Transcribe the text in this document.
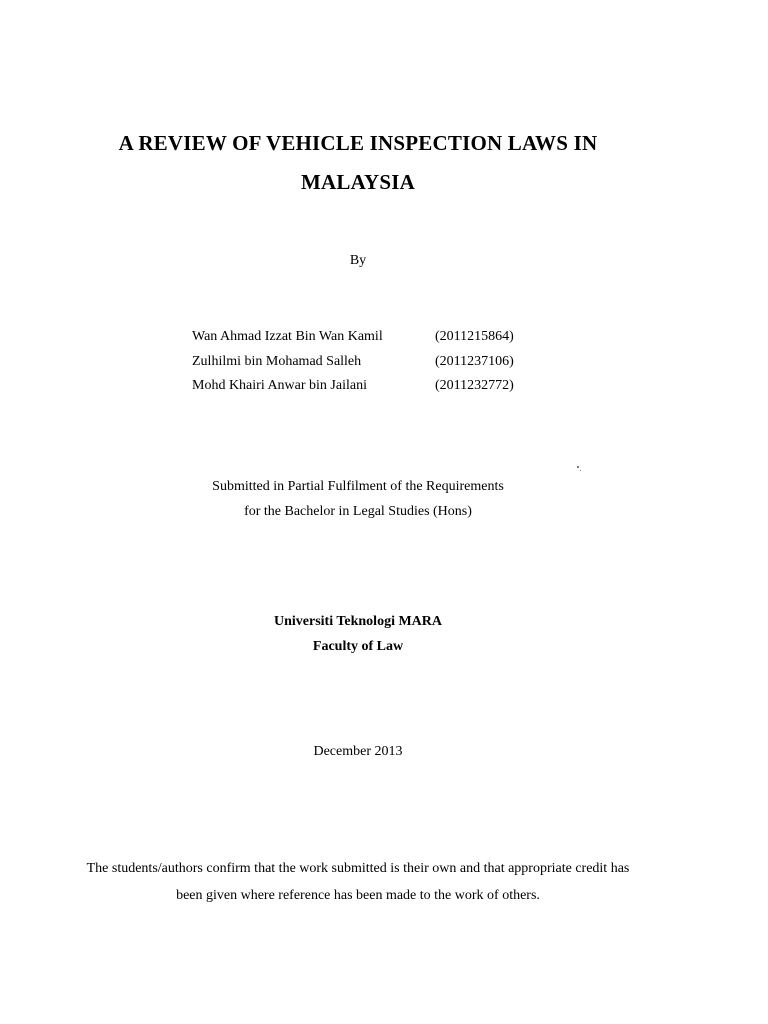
A REVIEW OF VEHICLE INSPECTION LAWS IN
MALAYSIA
By
Wan Ahmad Izzat Bin Wan Kamil	(2011215864)
Zulhilmi bin Mohamad Salleh	(2011237106)
Mohd Khairi Anwar bin Jailani	(2011232772)
Submitted in Partial Fulfilment of the Requirements
for the Bachelor in Legal Studies (Hons)
Universiti Teknologi MARA
Faculty of Law
December 2013
The students/authors confirm that the work submitted is their own and that appropriate credit has
been given where reference has been made to the work of others.
